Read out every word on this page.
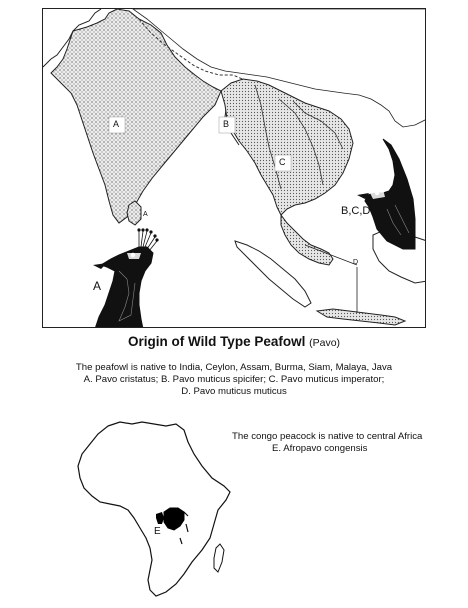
A	B
C
A
D
B,C,D
A
Origin of Wild Type Peafowl (Pavo)
The peafowl is native to India, Ceylon, Assam, Burma, Siam, Malaya, Java
A. Pavo cristatus; B. Pavo muticus spicifer; C. Pavo muticus imperator;
D. Pavo muticus muticus
E
The congo peacock is native to central Africa
E. Afropavo congensis
